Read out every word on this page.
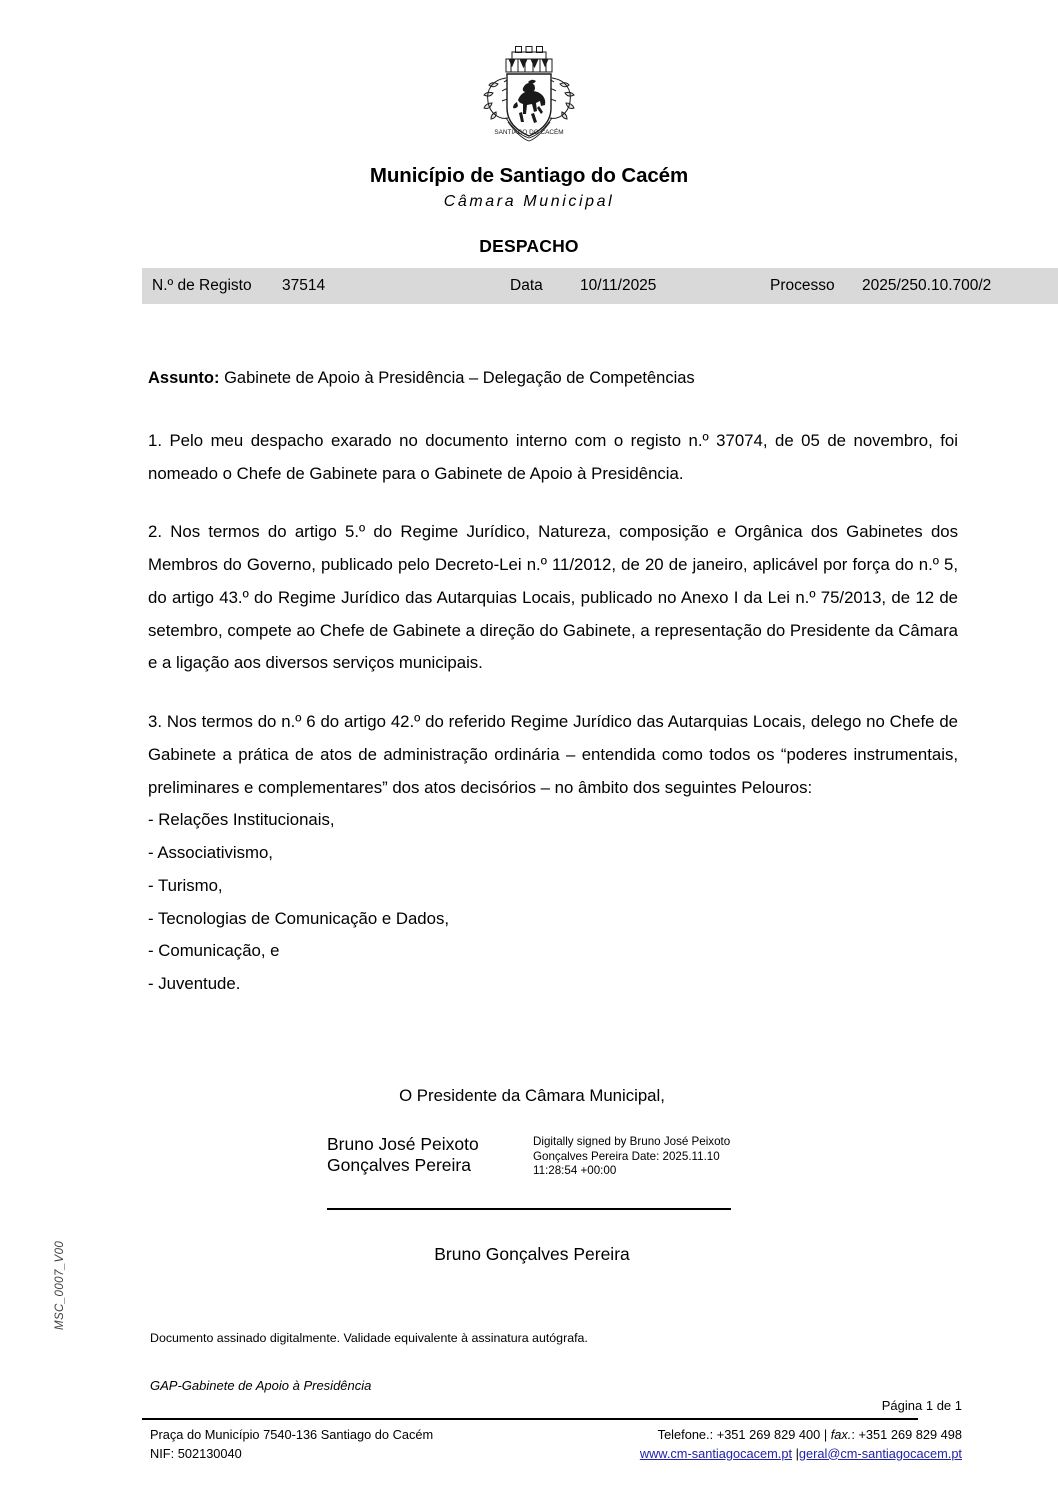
MSC_0007_V00
SANTIAGO DO CACÉM
Município de Santiago do Cacém
Câmara Municipal
DESPACHO
N.º de Registo	37514	Data	10/11/2025	Processo	2025/250.10.700/2
Assunto: Gabinete de Apoio à Presidência – Delegação de Competências

1. Pelo meu despacho exarado no documento interno com o registo n.º 37074, de 05 de novembro, foi nomeado o Chefe de Gabinete para o Gabinete de Apoio à Presidência.

2. Nos termos do artigo 5.º do Regime Jurídico, Natureza, composição e Orgânica dos Gabinetes dos Membros do Governo, publicado pelo Decreto-Lei n.º 11/2012, de 20 de janeiro, aplicável por força do n.º 5, do artigo 43.º do Regime Jurídico das Autarquias Locais, publicado no Anexo I da Lei n.º 75/2013, de 12 de setembro, compete ao Chefe de Gabinete a direção do Gabinete, a representação do Presidente da Câmara e a ligação aos diversos serviços municipais.

3. Nos termos do n.º 6 do artigo 42.º do referido Regime Jurídico das Autarquias Locais, delego no Chefe de Gabinete a prática de atos de administração ordinária – entendida como todos os “poderes instrumentais, preliminares e complementares” dos atos decisórios – no âmbito dos seguintes Pelouros:

- Relações Institucionais,
- Associativismo,
- Turismo,
- Tecnologias de Comunicação e Dados,
- Comunicação, e
- Juventude.
O Presidente da Câmara Municipal,
Bruno José Peixoto Gonçalves Pereira
Digitally signed by Bruno José Peixoto Gonçalves Pereira Date: 2025.11.10 11:28:54 +00:00
Bruno Gonçalves Pereira
Documento assinado digitalmente. Validade equivalente à assinatura autógrafa.
GAP-Gabinete de Apoio à Presidência
Página 1 de 1
Praça do Município 7540-136 Santiago do Cacém
NIF: 502130040
Telefone.: +351 269 829 400 | fax.: +351 269 829 498
www.cm-santiagocacem.pt |geral@cm-santiagocacem.pt
